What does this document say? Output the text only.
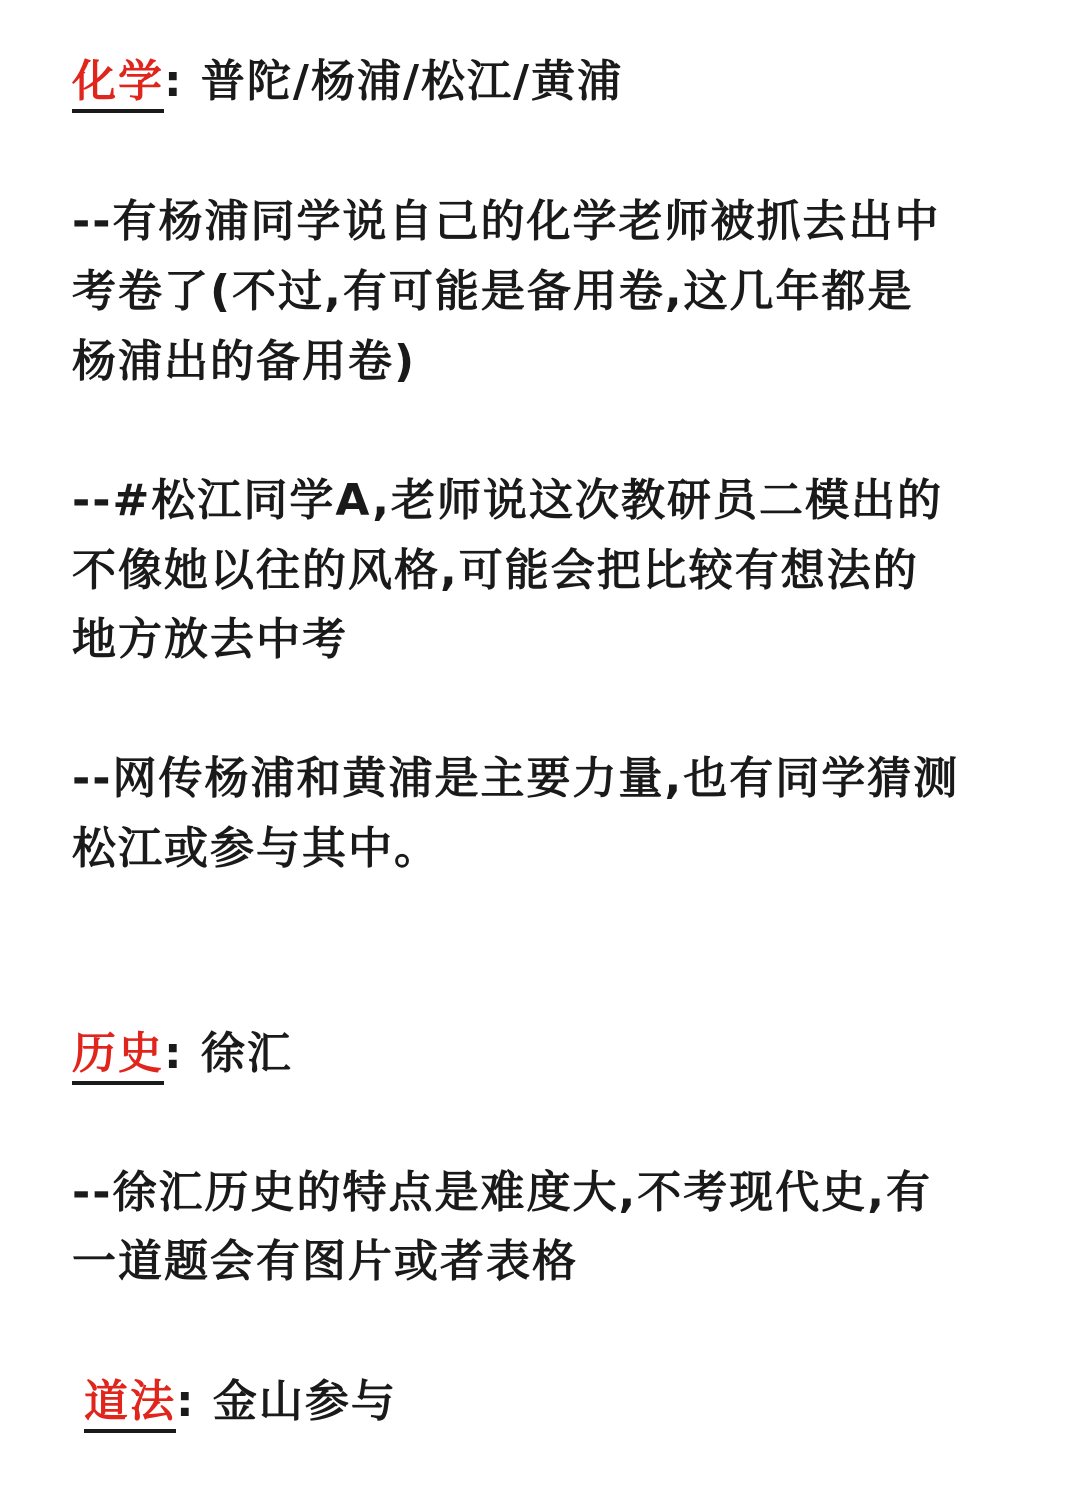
化学: 普陀/杨浦/松江/黄浦
--有杨浦同学说自己的化学老师被抓去出中
考卷了(不过,有可能是备用卷,这几年都是
杨浦出的备用卷)
--#松江同学A,老师说这次教研员二模出的
不像她以往的风格,可能会把比较有想法的
地方放去中考
--网传杨浦和黄浦是主要力量,也有同学猜测
松江或参与其中。
历史: 徐汇
--徐汇历史的特点是难度大,不考现代史,有
一道题会有图片或者表格
道法: 金山参与
